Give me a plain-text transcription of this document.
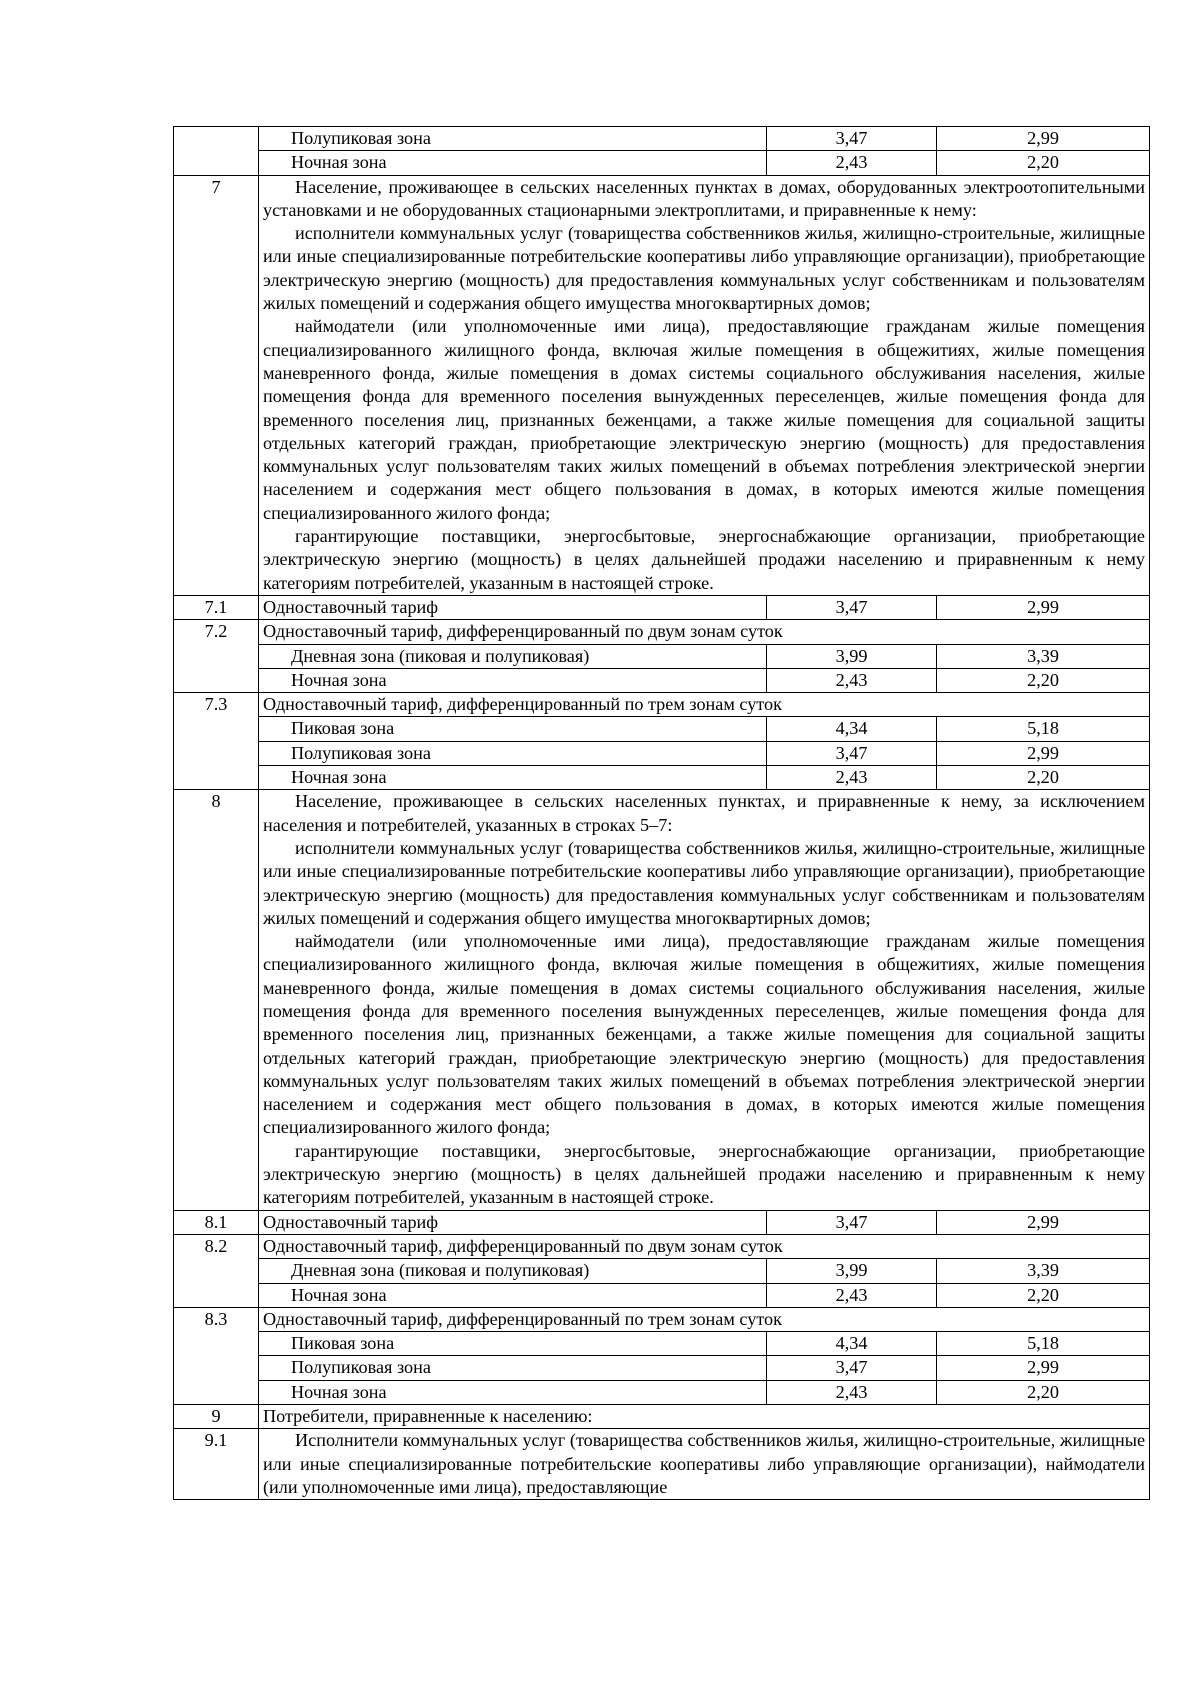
	Полупиковая зона	3,47	2,99
	Ночная зона	2,43	2,20
7	Население, проживающее в сельских населенных пунктах в домах, оборудованных электроотопительными установками и не оборудованных стационарными электроплитами, и приравненные к нему:

исполнители коммунальных услуг (товарищества собственников жилья, жилищно-строительные, жилищные или иные специализированные потребительские кооперативы либо управляющие организации), приобретающие электрическую энергию (мощность) для предоставления коммунальных услуг собственникам и пользователям жилых помещений и содержания общего имущества многоквартирных домов;

наймодатели (или уполномоченные ими лица), предоставляющие гражданам жилые помещения специализированного жилищного фонда, включая жилые помещения в общежитиях, жилые помещения маневренного фонда, жилые помещения в домах системы социального обслуживания населения, жилые помещения фонда для временного поселения вынужденных переселенцев, жилые помещения фонда для временного поселения лиц, признанных беженцами, а также жилые помещения для социальной защиты отдельных категорий граждан, приобретающие электрическую энергию (мощность) для предоставления коммунальных услуг пользователям таких жилых помещений в объемах потребления электрической энергии населением и содержания мест общего пользования в домах, в которых имеются жилые помещения специализированного жилого фонда;

гарантирующие поставщики, энергосбытовые, энергоснабжающие организации, приобретающие электрическую энергию (мощность) в целях дальнейшей продажи населению и приравненным к нему категориям потребителей, указанным в настоящей строке.		

7.1	Одноставочный тариф	3,47	2,99
7.2	Одноставочный тариф, дифференцированный по двум зонам суток		
	Дневная зона (пиковая и полупиковая)	3,99	3,39
	Ночная зона	2,43	2,20
7.3	Одноставочный тариф, дифференцированный по трем зонам суток		
	Пиковая зона	4,34	5,18
	Полупиковая зона	3,47	2,99
	Ночная зона	2,43	2,20
8	Население, проживающее в сельских населенных пунктах, и приравненные к нему, за исключением населения и потребителей, указанных в строках 5–7:

исполнители коммунальных услуг (товарищества собственников жилья, жилищно-строительные, жилищные или иные специализированные потребительские кооперативы либо управляющие организации), приобретающие электрическую энергию (мощность) для предоставления коммунальных услуг собственникам и пользователям жилых помещений и содержания общего имущества многоквартирных домов;

наймодатели (или уполномоченные ими лица), предоставляющие гражданам жилые помещения специализированного жилищного фонда, включая жилые помещения в общежитиях, жилые помещения маневренного фонда, жилые помещения в домах системы социального обслуживания населения, жилые помещения фонда для временного поселения вынужденных переселенцев, жилые помещения фонда для временного поселения лиц, признанных беженцами, а также жилые помещения для социальной защиты отдельных категорий граждан, приобретающие электрическую энергию (мощность) для предоставления коммунальных услуг пользователям таких жилых помещений в объемах потребления электрической энергии населением и содержания мест общего пользования в домах, в которых имеются жилые помещения специализированного жилого фонда;

гарантирующие поставщики, энергосбытовые, энергоснабжающие организации, приобретающие электрическую энергию (мощность) в целях дальнейшей продажи населению и приравненным к нему категориям потребителей, указанным в настоящей строке.		

8.1	Одноставочный тариф	3,47	2,99
8.2	Одноставочный тариф, дифференцированный по двум зонам суток		
	Дневная зона (пиковая и полупиковая)	3,99	3,39
	Ночная зона	2,43	2,20
8.3	Одноставочный тариф, дифференцированный по трем зонам суток		
	Пиковая зона	4,34	5,18
	Полупиковая зона	3,47	2,99
	Ночная зона	2,43	2,20
9	Потребители, приравненные к населению:		
9.1	Исполнители коммунальных услуг (товарищества собственников жилья, жилищно-строительные, жилищные или иные специализированные потребительские кооперативы либо управляющие организации), наймодатели (или уполномоченные ими лица), предоставляющие		
